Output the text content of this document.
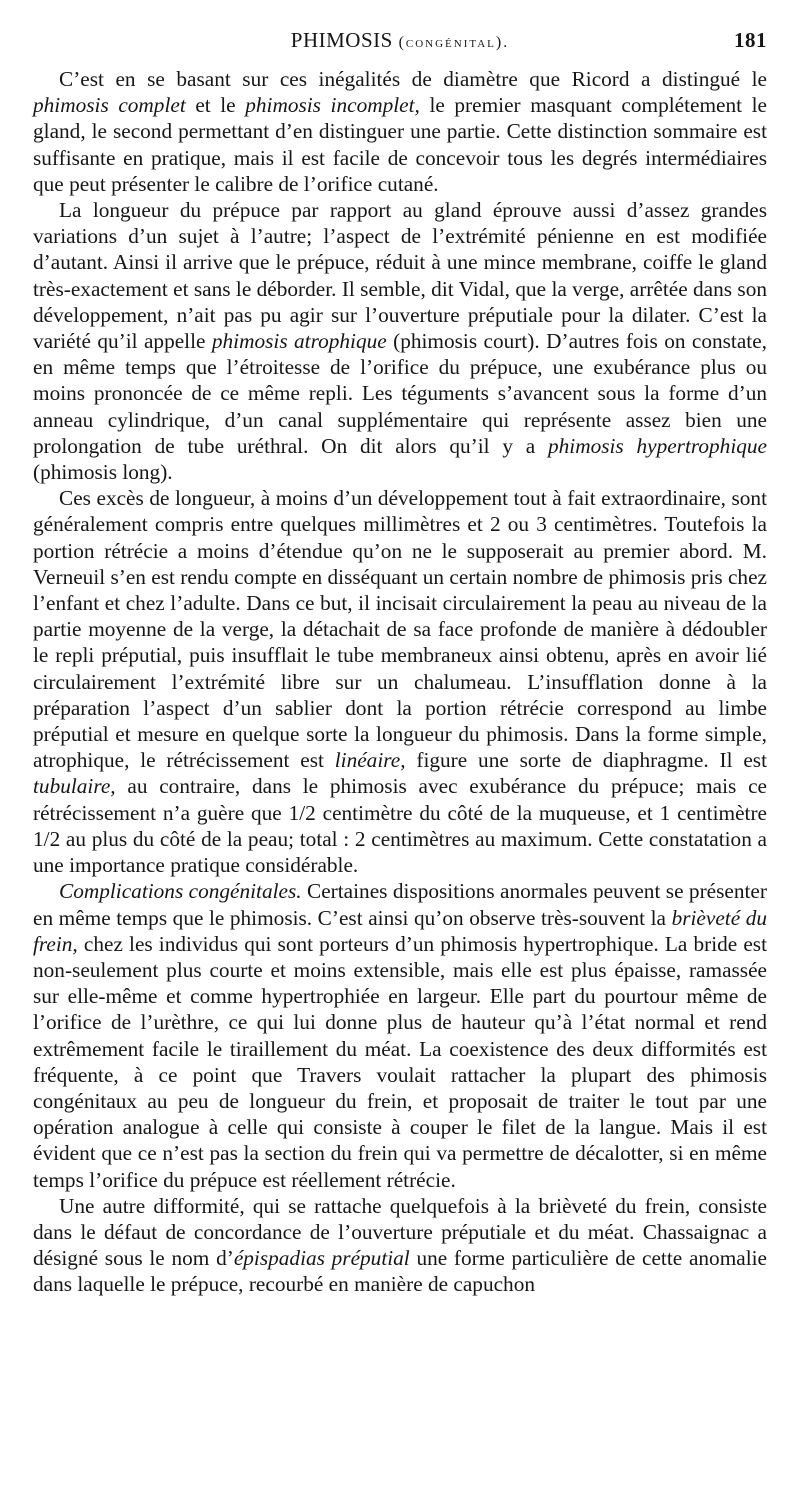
PHIMOSIS (congénital).	181

C’est en se basant sur ces inégalités de diamètre que Ricord a distingué le phimosis complet et le phimosis incomplet, le premier masquant complétement le gland, le second permettant d’en distinguer une partie. Cette distinction sommaire est suffisante en pratique, mais il est facile de concevoir tous les degrés intermédiaires que peut présenter le calibre de l’orifice cutané.

La longueur du prépuce par rapport au gland éprouve aussi d’assez grandes variations d’un sujet à l’autre; l’aspect de l’extrémité pénienne en est modifiée d’autant. Ainsi il arrive que le prépuce, réduit à une mince membrane, coiffe le gland très-exactement et sans le déborder. Il semble, dit Vidal, que la verge, arrêtée dans son développement, n’ait pas pu agir sur l’ouverture préputiale pour la dilater. C’est la variété qu’il appelle phimosis atrophique (phimosis court). D’autres fois on constate, en même temps que l’étroitesse de l’orifice du prépuce, une exubérance plus ou moins prononcée de ce même repli. Les téguments s’avancent sous la forme d’un anneau cylindrique, d’un canal supplémentaire qui représente assez bien une prolongation de tube uréthral. On dit alors qu’il y a phimosis hypertrophique (phimosis long).

Ces excès de longueur, à moins d’un développement tout à fait extraordinaire, sont généralement compris entre quelques millimètres et 2 ou 3 centimètres. Toutefois la portion rétrécie a moins d’étendue qu’on ne le supposerait au premier abord. M. Verneuil s’en est rendu compte en disséquant un certain nombre de phimosis pris chez l’enfant et chez l’adulte. Dans ce but, il incisait circulairement la peau au niveau de la partie moyenne de la verge, la détachait de sa face profonde de manière à dédoubler le repli préputial, puis insufflait le tube membraneux ainsi obtenu, après en avoir lié circulairement l’extrémité libre sur un chalumeau. L’insufflation donne à la préparation l’aspect d’un sablier dont la portion rétrécie correspond au limbe préputial et mesure en quelque sorte la longueur du phimosis. Dans la forme simple, atrophique, le rétrécissement est linéaire, figure une sorte de diaphragme. Il est tubulaire, au contraire, dans le phimosis avec exubérance du prépuce; mais ce rétrécissement n’a guère que 1/2 centimètre du côté de la muqueuse, et 1 centimètre 1/2 au plus du côté de la peau; total : 2 centimètres au maximum. Cette constatation a une importance pratique considérable.

Complications congénitales. Certaines dispositions anormales peuvent se présenter en même temps que le phimosis. C’est ainsi qu’on observe très-souvent la brièveté du frein, chez les individus qui sont porteurs d’un phimosis hypertrophique. La bride est non-seulement plus courte et moins extensible, mais elle est plus épaisse, ramassée sur elle-même et comme hypertrophiée en largeur. Elle part du pourtour même de l’orifice de l’urèthre, ce qui lui donne plus de hauteur qu’à l’état normal et rend extrêmement facile le tiraillement du méat. La coexistence des deux difformités est fréquente, à ce point que Travers voulait rattacher la plupart des phimosis congénitaux au peu de longueur du frein, et proposait de traiter le tout par une opération analogue à celle qui consiste à couper le filet de la langue. Mais il est évident que ce n’est pas la section du frein qui va permettre de décalotter, si en même temps l’orifice du prépuce est réellement rétrécie.

Une autre difformité, qui se rattache quelquefois à la brièveté du frein, consiste dans le défaut de concordance de l’ouverture préputiale et du méat. Chassaignac a désigné sous le nom d’épispadias préputial une forme particulière de cette anomalie dans laquelle le prépuce, recourbé en manière de capuchon
